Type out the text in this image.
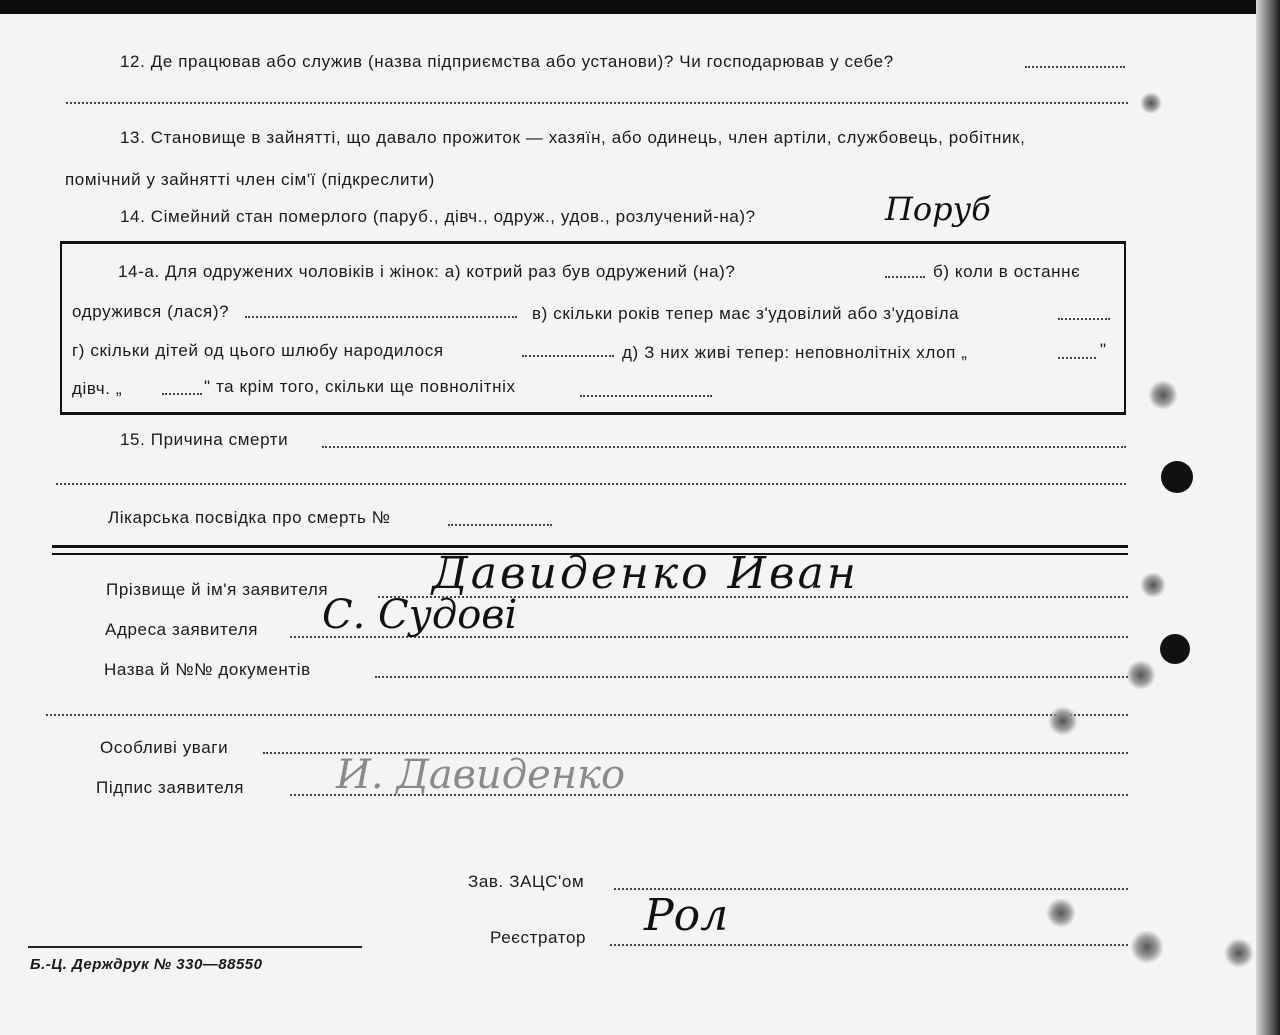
12. Де працював або служив (назва підприємства або установи)? Чи господарював у себе?
13. Становище в зайнятті, що давало прожиток — хазяїн, або одинець, член артіли, службовець, робітник,
помічний у зайнятті член сім'ї (підкреслити)
14. Сімейний стан померлого (паруб., дівч., одруж., удов., розлучений-на)?	Поруб
14-а. Для одружених чоловіків і жінок: а) котрий раз був одружений (на)?	б) коли в останнє
одружився (лася)?	в) скільки років тепер має з'удовілий або з'удовіла
г) скільки дітей од цього шлюбу народилося	д) З них живі тепер: неповнолітніх хлоп „	"
дівч. „	" та крім того, скільки ще повнолітніх
15. Причина смерти
Лікарська посвідка про смерть №
Прізвище й ім'я заявителя Давиденко Иван
Адреса заявителя С. Судові
Назва й №№ документів
Особливі уваги
Підпис заявителя И. Давиденко
Зав. ЗАЦС'ом
Реєстратор Рол
Б.-Ц. Держдрук № 330—88550
